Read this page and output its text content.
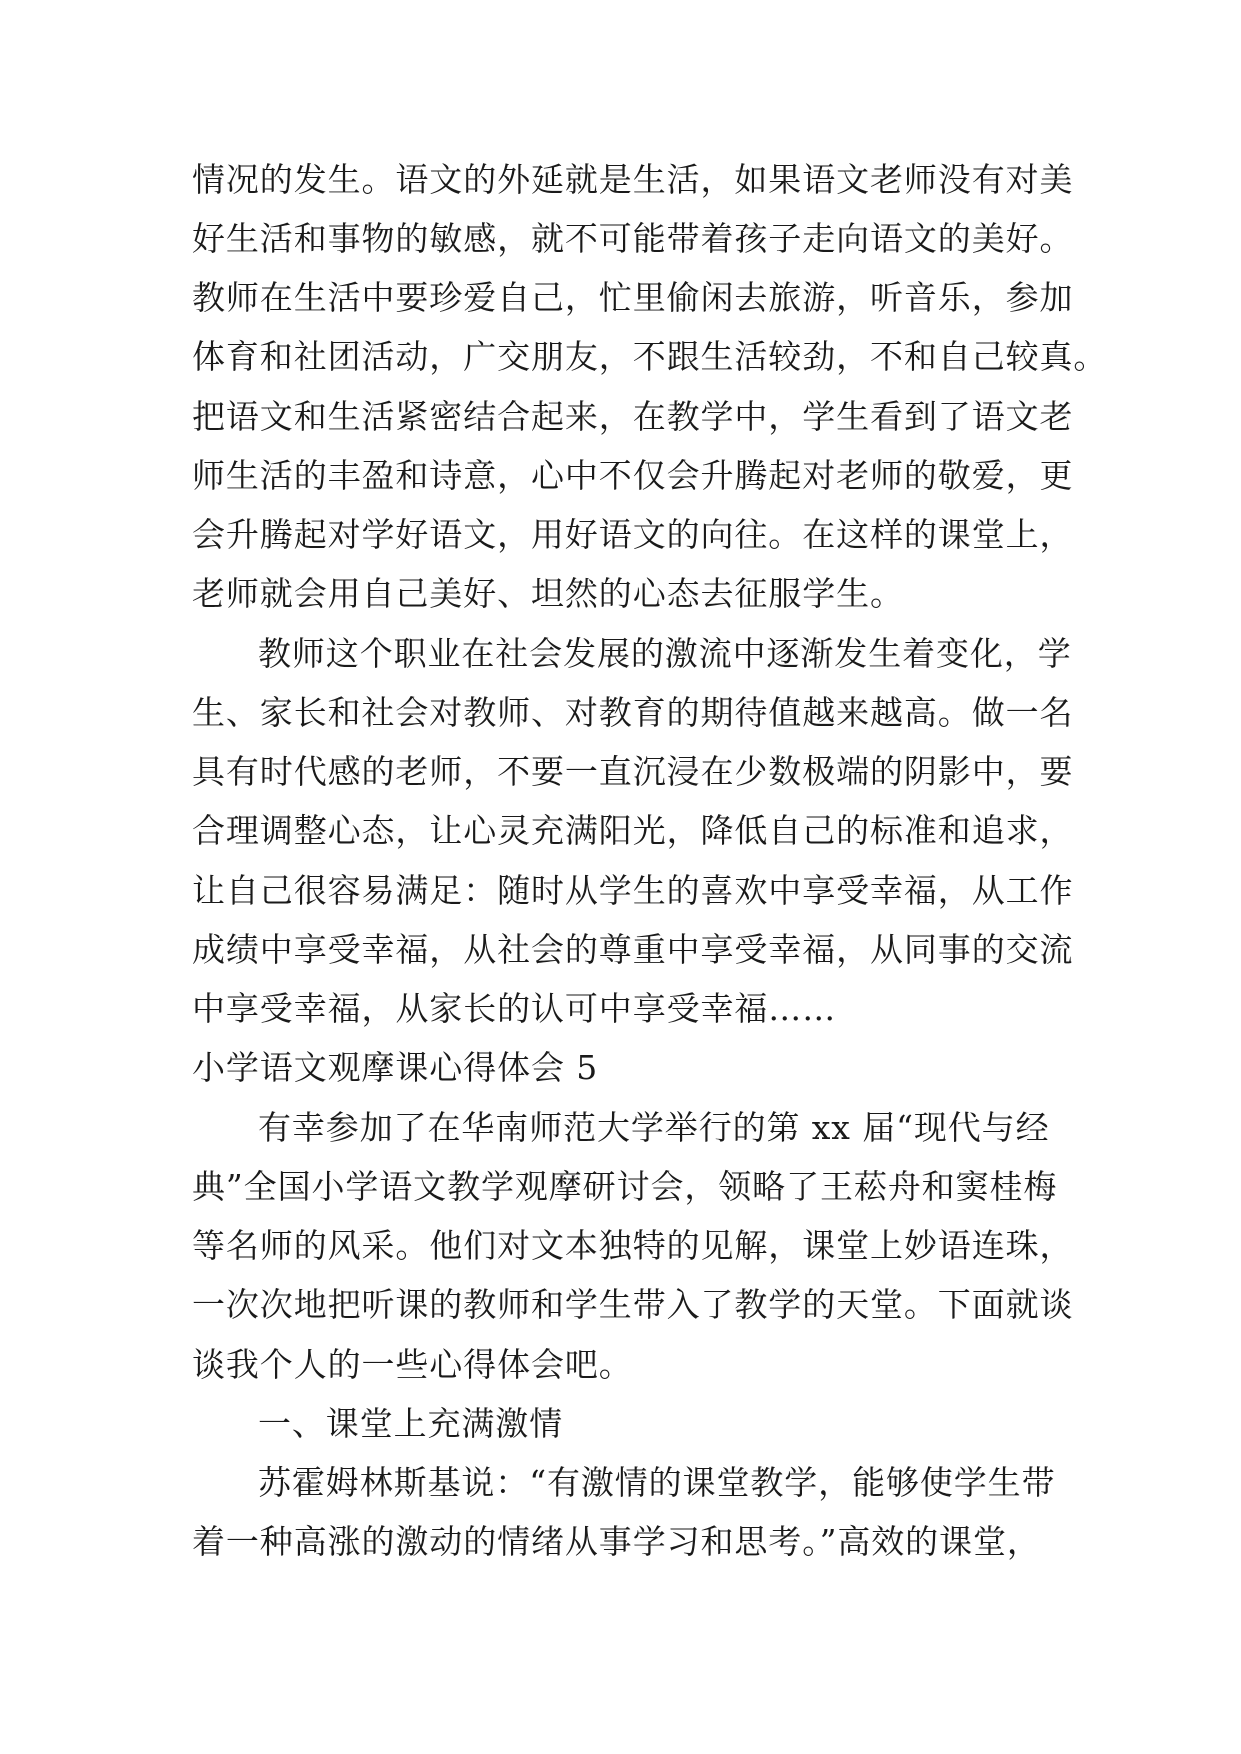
情况的发生。语文的外延就是生活，如果语文老师没有对美
好生活和事物的敏感，就不可能带着孩子走向语文的美好。
教师在生活中要珍爱自己，忙里偷闲去旅游，听音乐，参加
体育和社团活动，广交朋友，不跟生活较劲，不和自己较真。
把语文和生活紧密结合起来，在教学中，学生看到了语文老
师生活的丰盈和诗意，心中不仅会升腾起对老师的敬爱，更
会升腾起对学好语文，用好语文的向往。在这样的课堂上，
老师就会用自己美好、坦然的心态去征服学生。
教师这个职业在社会发展的激流中逐渐发生着变化，学
生、家长和社会对教师、对教育的期待值越来越高。做一名
具有时代感的老师，不要一直沉浸在少数极端的阴影中，要
合理调整心态，让心灵充满阳光，降低自己的标准和追求，
让自己很容易满足：随时从学生的喜欢中享受幸福，从工作
成绩中享受幸福，从社会的尊重中享受幸福，从同事的交流
中享受幸福，从家长的认可中享受幸福……
小学语文观摩课心得体会 5
有幸参加了在华南师范大学举行的第 xx 届“现代与经
典”全国小学语文教学观摩研讨会，领略了王菘舟和窦桂梅
等名师的风采。他们对文本独特的见解，课堂上妙语连珠，
一次次地把听课的教师和学生带入了教学的天堂。下面就谈
谈我个人的一些心得体会吧。
一、课堂上充满激情
苏霍姆林斯基说：“有激情的课堂教学，能够使学生带
着一种高涨的激动的情绪从事学习和思考。”高效的课堂，
